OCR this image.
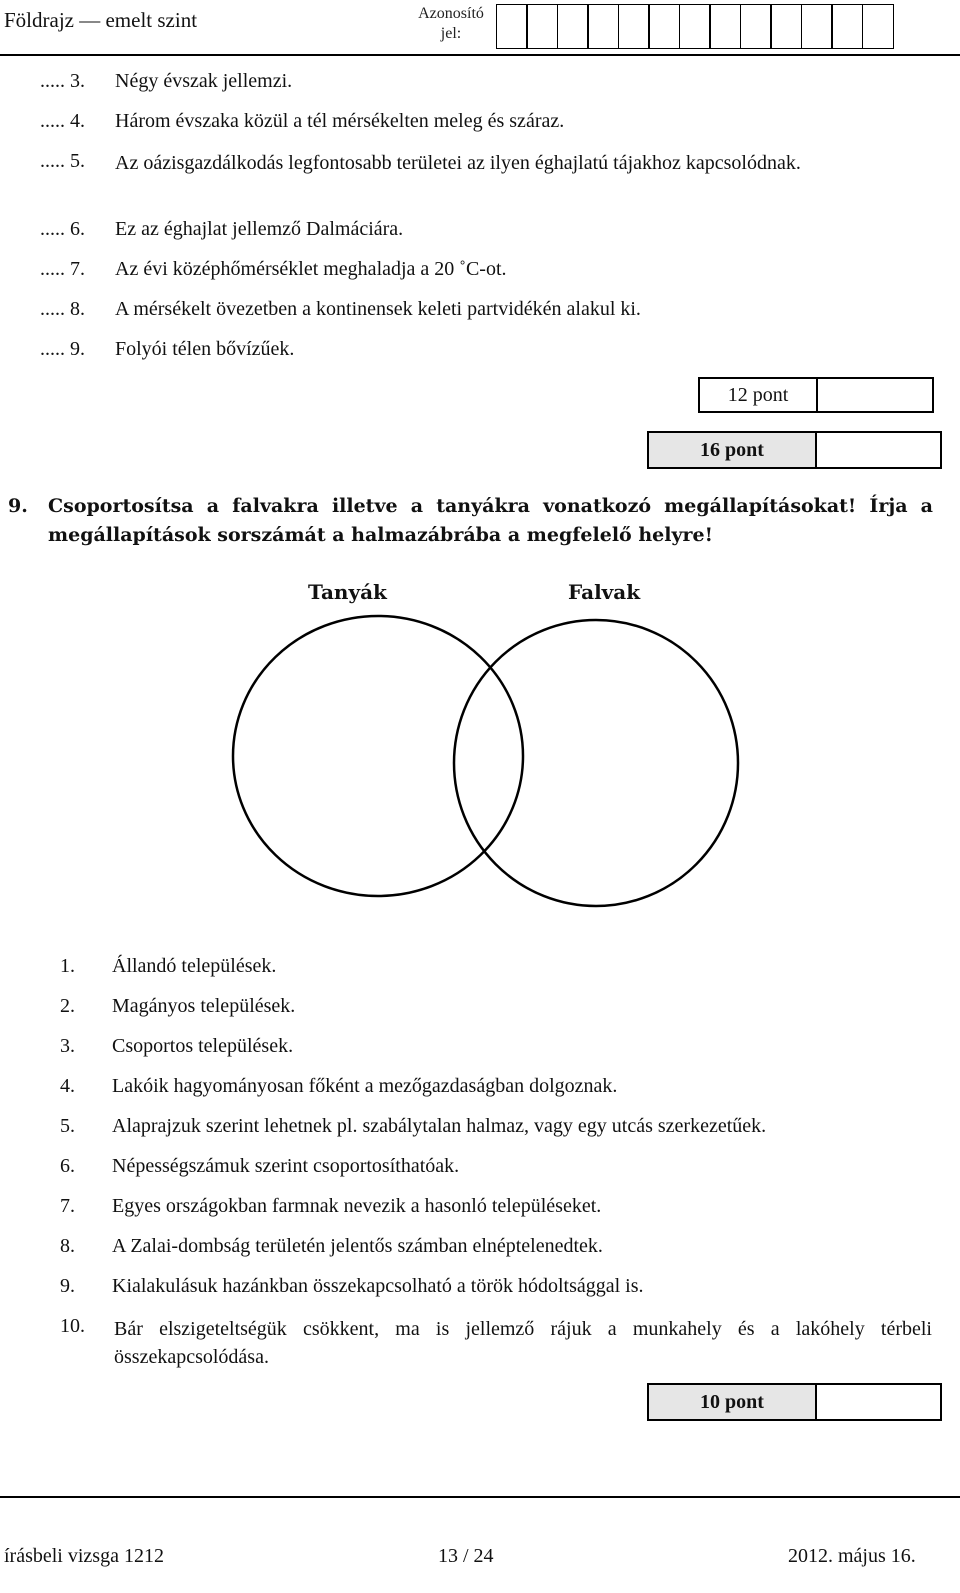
Földrajz — emelt szint	Azonosító
jel:
..... 3. Négy évszak jellemzi.
..... 4. Három évszaka közül a tél mérsékelten meleg és száraz.
..... 5. Az oázisgazdálkodás legfontosabb területei az ilyen éghajlatú tájakhoz kapcsolódnak.
..... 6. Ez az éghajlat jellemző Dalmáciára.
..... 7. Az évi középhőmérséklet meghaladja a 20 ˚C-ot.
..... 8. A mérsékelt övezetben a kontinensek keleti partvidékén alakul ki.
..... 9. Folyói télen bővízűek.
12 pont
16 pont
9. Csoportosítsa a falvakra illetve a tanyákra vonatkozó megállapításokat! Írja a megállapítások sorszámát a halmazábrába a megfelelő helyre!
Tanyák	Falvak
1. Állandó települések.
2. Magányos települések.
3. Csoportos települések.
4. Lakóik hagyományosan főként a mezőgazdaságban dolgoznak.
5. Alaprajzuk szerint lehetnek pl. szabálytalan halmaz, vagy egy utcás szerkezetűek.
6. Népességszámuk szerint csoportosíthatóak.
7. Egyes országokban farmnak nevezik a hasonló településeket.
8. A Zalai-dombság területén jelentős számban elnéptelenedtek.
9. Kialakulásuk hazánkban összekapcsolható a török hódoltsággal is.
10. Bár elszigeteltségük csökkent, ma is jellemző rájuk a munkahely és a lakóhely térbeli összekapcsolódása.
10 pont
írásbeli vizsga 1212	13 / 24	2012. május 16.
